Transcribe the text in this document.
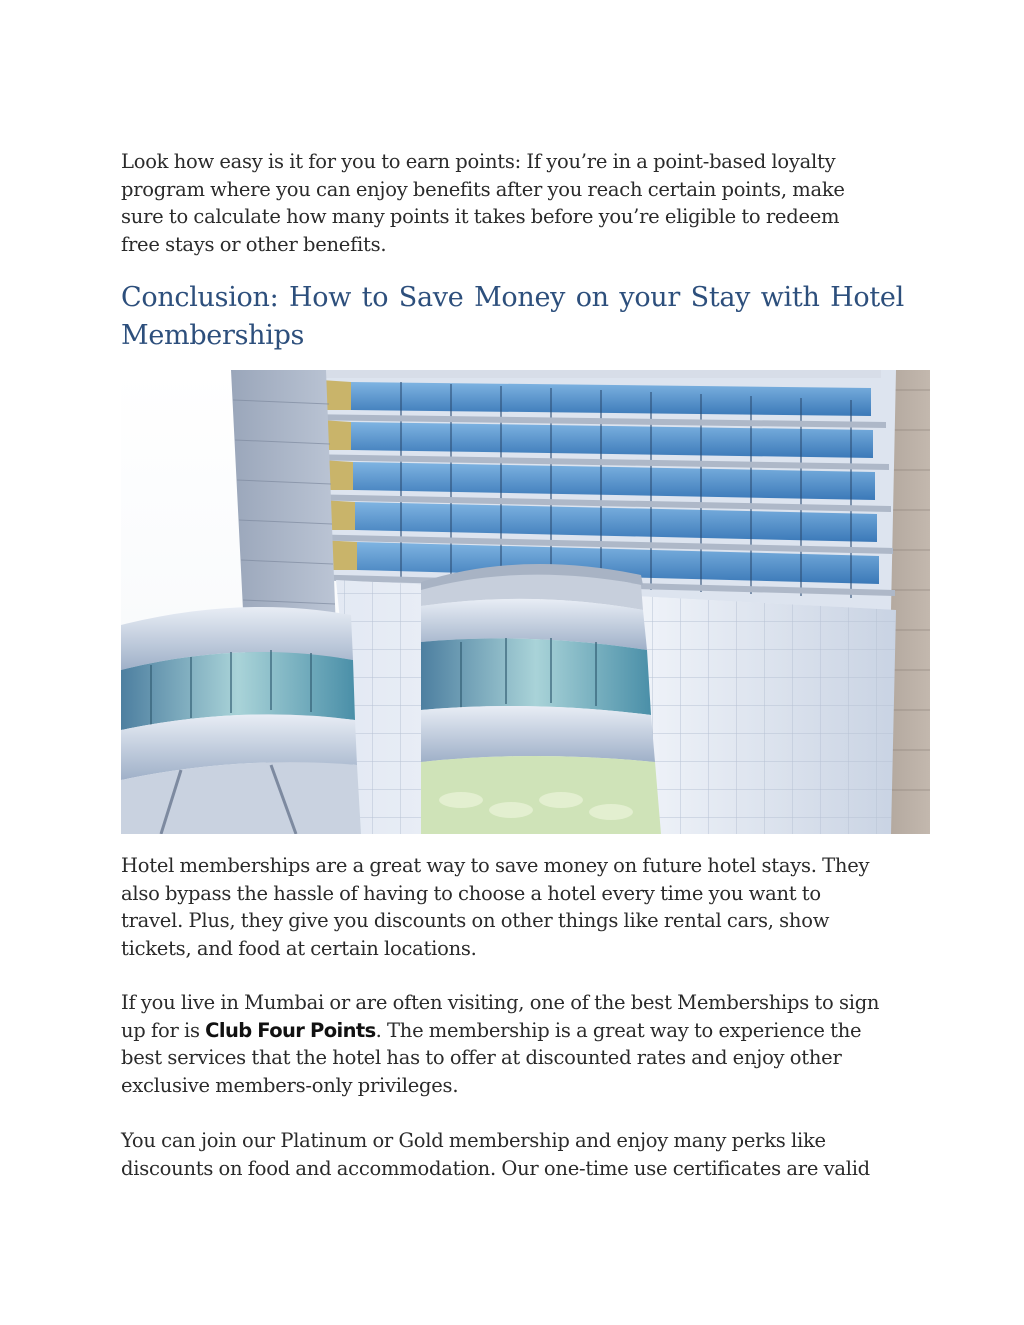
Look how easy is it for you to earn points: If you’re in a point-based loyalty
program where you can enjoy benefits after you reach certain points, make
sure to calculate how many points it takes before you’re eligible to redeem
free stays or other benefits.

Conclusion: How to Save Money on your Stay with Hotel
Memberships

Hotel memberships are a great way to save money on future hotel stays. They
also bypass the hassle of having to choose a hotel every time you want to
travel. Plus, they give you discounts on other things like rental cars, show
tickets, and food at certain locations.

If you live in Mumbai or are often visiting, one of the best Memberships to sign
up for is Club Four Points. The membership is a great way to experience the
best services that the hotel has to offer at discounted rates and enjoy other
exclusive members-only privileges.

You can join our Platinum or Gold membership and enjoy many perks like
discounts on food and accommodation. Our one-time use certificates are valid
